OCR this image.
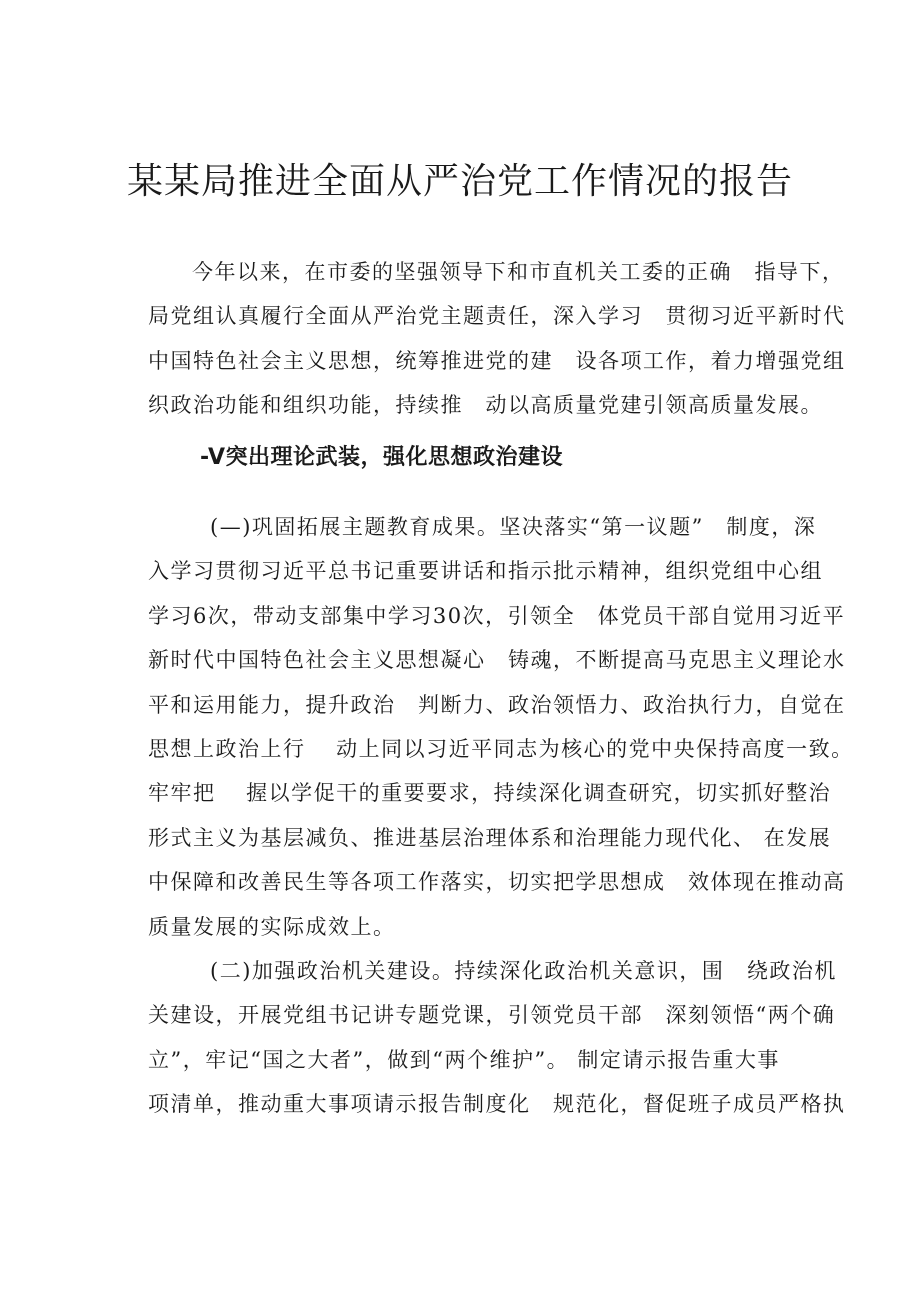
某某局推进全面从严治党工作情况的报告
今年以来，在市委的坚强领导下和市直机关工委的正确　指导下，
局党组认真履行全面从严治党主题责任，深入学习　贯彻习近平新时代
中国特色社会主义思想，统筹推进党的建　设各项工作，着力增强党组
织政治功能和组织功能，持续推　动以高质量党建引领高质量发展。
-V突出理论武装，强化思想政治建设
(—)巩固拓展主题教育成果。坚决落实“第一议题”　制度，深
入学习贯彻习近平总书记重要讲话和指示批示精神，组织党组中心组
学习6次，带动支部集中学习30次，引领全　体党员干部自觉用习近平
新时代中国特色社会主义思想凝心　铸魂，不断提高马克思主义理论水
平和运用能力，提升政治　判断力、政治领悟力、政治执行力，自觉在
思想上政治上行　 动上同以习近平同志为核心的党中央保持高度一致。
牢牢把　 握以学促干的重要要求，持续深化调查研究，切实抓好整治
形式主义为基层减负、推进基层治理体系和治理能力现代化、 在发展
中保障和改善民生等各项工作落实，切实把学思想成　效体现在推动高
质量发展的实际成效上。
(二)加强政治机关建设。持续深化政治机关意识，围　绕政治机
关建设，开展党组书记讲专题党课，引领党员干部　深刻领悟“两个确
立”，牢记“国之大者”，做到“两个维护”。 制定请示报告重大事
项清单，推动重大事项请示报告制度化　规范化，督促班子成员严格执
